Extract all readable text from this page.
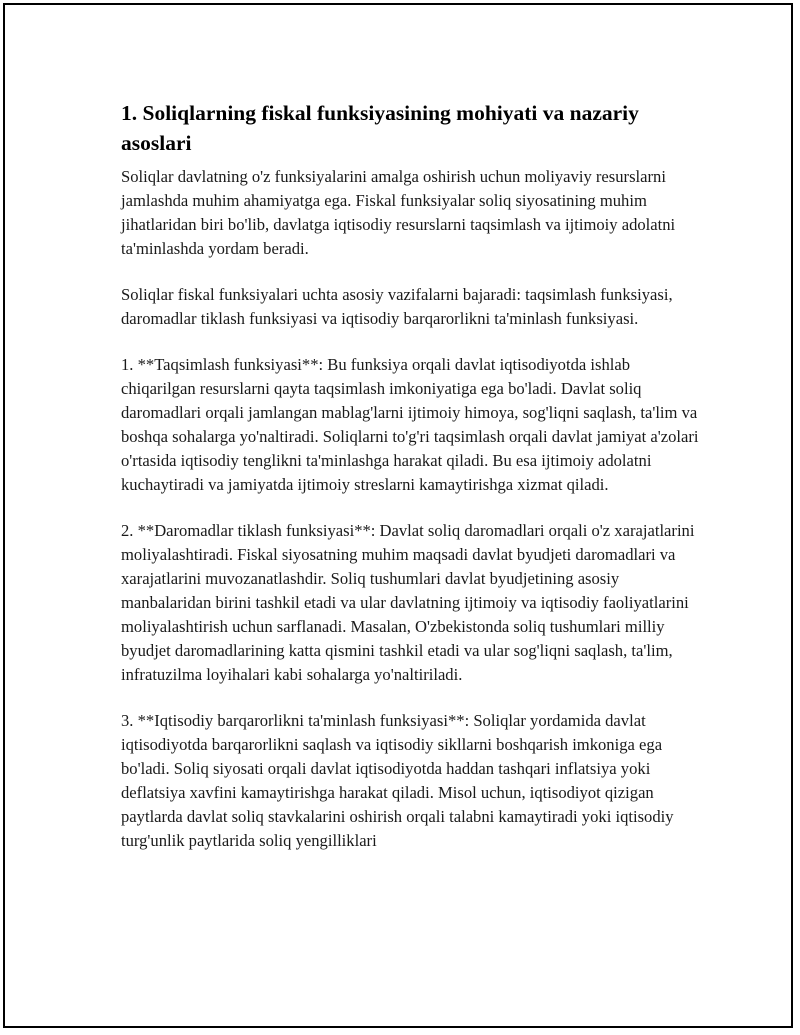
1. Soliqlarning fiskal funksiyasining mohiyati va nazariy asoslari

Soliqlar davlatning o'z funksiyalarini amalga oshirish uchun moliyaviy resurslarni jamlashda muhim ahamiyatga ega. Fiskal funksiyalar soliq siyosatining muhim jihatlaridan biri bo'lib, davlatga iqtisodiy resurslarni taqsimlash va ijtimoiy adolatni ta'minlashda yordam beradi.

Soliqlar fiskal funksiyalari uchta asosiy vazifalarni bajaradi: taqsimlash funksiyasi, daromadlar tiklash funksiyasi va iqtisodiy barqarorlikni ta'minlash funksiyasi.

1. **Taqsimlash funksiyasi**: Bu funksiya orqali davlat iqtisodiyotda ishlab chiqarilgan resurslarni qayta taqsimlash imkoniyatiga ega bo'ladi. Davlat soliq daromadlari orqali jamlangan mablag'larni ijtimoiy himoya, sog'liqni saqlash, ta'lim va boshqa sohalarga yo'naltiradi. Soliqlarni to'g'ri taqsimlash orqali davlat jamiyat a'zolari o'rtasida iqtisodiy tenglikni ta'minlashga harakat qiladi. Bu esa ijtimoiy adolatni kuchaytiradi va jamiyatda ijtimoiy streslarni kamaytirishga xizmat qiladi.

2. **Daromadlar tiklash funksiyasi**: Davlat soliq daromadlari orqali o'z xarajatlarini moliyalashtiradi. Fiskal siyosatning muhim maqsadi davlat byudjeti daromadlari va xarajatlarini muvozanatlashdir. Soliq tushumlari davlat byudjetining asosiy manbalaridan birini tashkil etadi va ular davlatning ijtimoiy va iqtisodiy faoliyatlarini moliyalashtirish uchun sarflanadi. Masalan, O'zbekistonda soliq tushumlari milliy byudjet daromadlarining katta qismini tashkil etadi va ular sog'liqni saqlash, ta'lim, infratuzilma loyihalari kabi sohalarga yo'naltiriladi.

3. **Iqtisodiy barqarorlikni ta'minlash funksiyasi**: Soliqlar yordamida davlat iqtisodiyotda barqarorlikni saqlash va iqtisodiy sikllarni boshqarish imkoniga ega bo'ladi. Soliq siyosati orqali davlat iqtisodiyotda haddan tashqari inflatsiya yoki deflatsiya xavfini kamaytirishga harakat qiladi. Misol uchun, iqtisodiyot qizigan paytlarda davlat soliq stavkalarini oshirish orqali talabni kamaytiradi yoki iqtisodiy turg'unlik paytlarida soliq yengilliklari
